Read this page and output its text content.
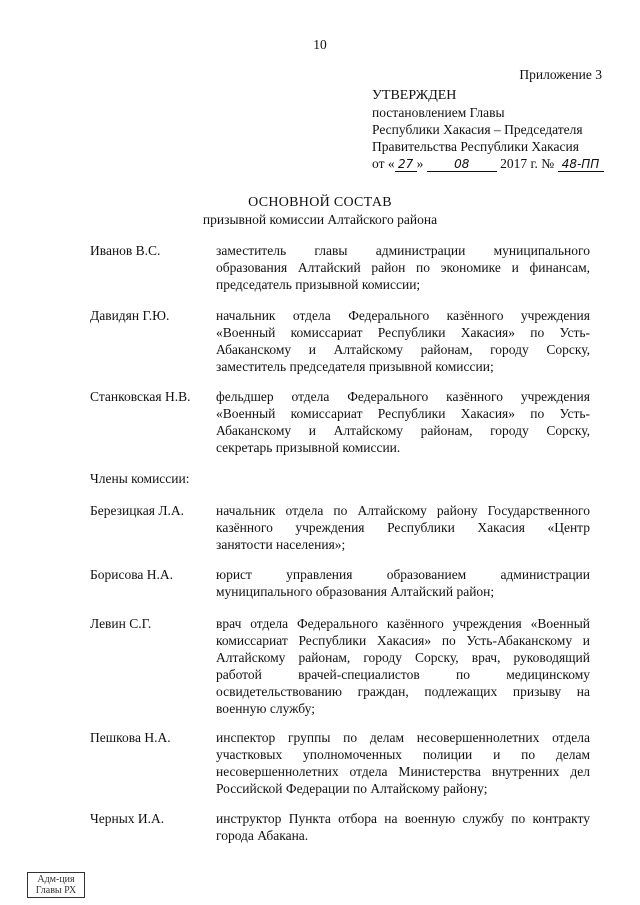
10
Приложение 3
УТВЕРЖДЕН
постановлением Главы
Республики Хакасия – Председателя
Правительства Республики Хакасия
от « 27 »	08 2017 г. № 48-ПП
ОСНОВНОЙ СОСТАВ
призывной комиссии Алтайского района
Иванов В.С.	заместитель главы администрации муниципального
образования Алтайский район по экономике и финансам,
председатель призывной комиссии;
Давидян Г.Ю.	начальник отдела Федерального казённого учреждения
«Военный комиссариат Республики Хакасия» по Усть-
Абаканскому и Алтайскому районам, городу Сорску,
заместитель председателя призывной комиссии;
Станковская Н.В. фельдшер отдела Федерального казённого учреждения
«Военный комиссариат Республики Хакасия» по Усть-
Абаканскому и Алтайскому районам, городу Сорску,
секретарь призывной комиссии.
Члены комиссии:
Березицкая Л.А. начальник отдела по Алтайскому району Государственного
казённого учреждения Республики Хакасия «Центр
занятости населения»;
Борисова Н.А.	юрист управления образованием администрации
муниципального образования Алтайский район;
Левин С.Г.	врач отдела Федерального казённого учреждения «Военный
комиссариат Республики Хакасия» по Усть-Абаканскому и
Алтайскому районам, городу Сорску, врач, руководящий
работой врачей-специалистов по медицинскому
освидетельствованию граждан, подлежащих призыву на
военную службу;
Пешкова Н.А.	инспектор группы по делам несовершеннолетних отдела
участковых уполномоченных полиции и по делам
несовершеннолетних отдела Министерства внутренних дел
Российской Федерации по Алтайскому району;
Черных И.А.	инструктор Пункта отбора на военную службу по контракту
города Абакана.
Адм-ция
Главы РХ
